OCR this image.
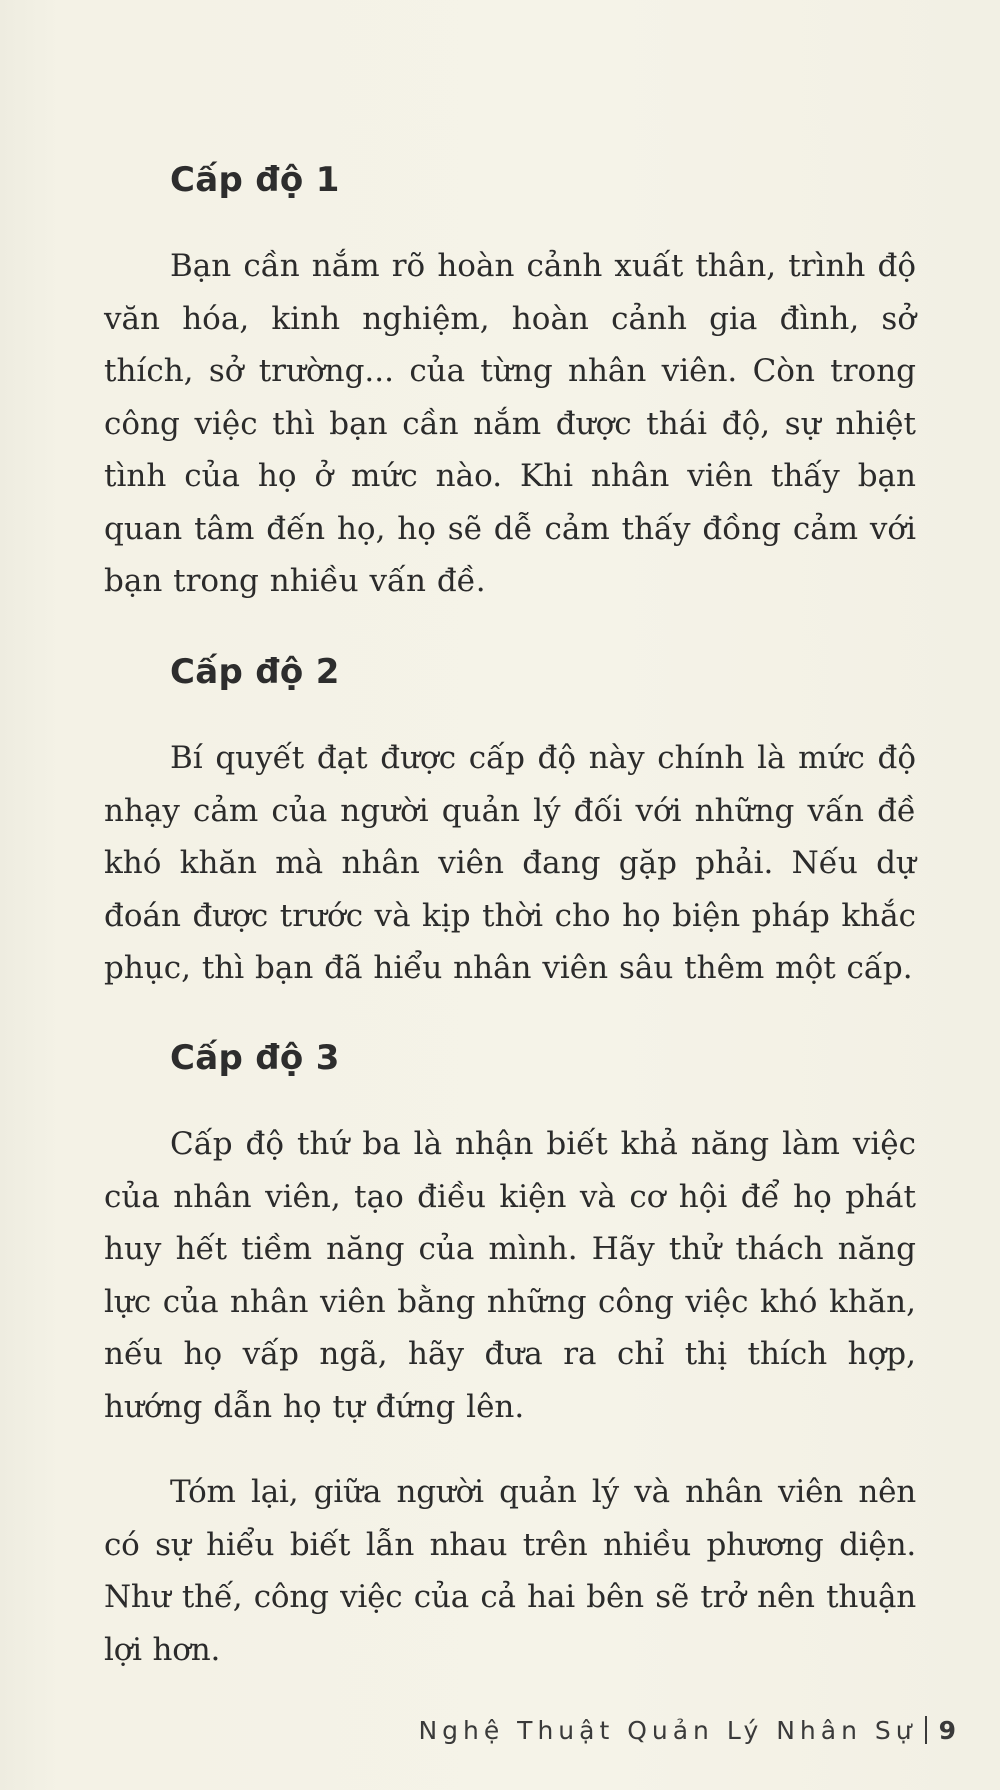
Cấp độ 1

Bạn cần nắm rõ hoàn cảnh xuất thân, trình độ văn hóa, kinh nghiệm, hoàn cảnh gia đình, sở thích, sở trường... của từng nhân viên. Còn trong công việc thì bạn cần nắm được thái độ, sự nhiệt tình của họ ở mức nào. Khi nhân viên thấy bạn quan tâm đến họ, họ sẽ dễ cảm thấy đồng cảm với bạn trong nhiều vấn đề.

Cấp độ 2

Bí quyết đạt được cấp độ này chính là mức độ nhạy cảm của người quản lý đối với những vấn đề khó khăn mà nhân viên đang gặp phải. Nếu dự đoán được trước và kịp thời cho họ biện pháp khắc phục, thì bạn đã hiểu nhân viên sâu thêm một cấp.

Cấp độ 3

Cấp độ thứ ba là nhận biết khả năng làm việc của nhân viên, tạo điều kiện và cơ hội để họ phát huy hết tiềm năng của mình. Hãy thử thách năng lực của nhân viên bằng những công việc khó khăn, nếu họ vấp ngã, hãy đưa ra chỉ thị thích hợp, hướng dẫn họ tự đứng lên.

Tóm lại, giữa người quản lý và nhân viên nên có sự hiểu biết lẫn nhau trên nhiều phương diện. Như thế, công việc của cả hai bên sẽ trở nên thuận lợi hơn.

Nghệ Thuật Quản Lý Nhân Sự 9
